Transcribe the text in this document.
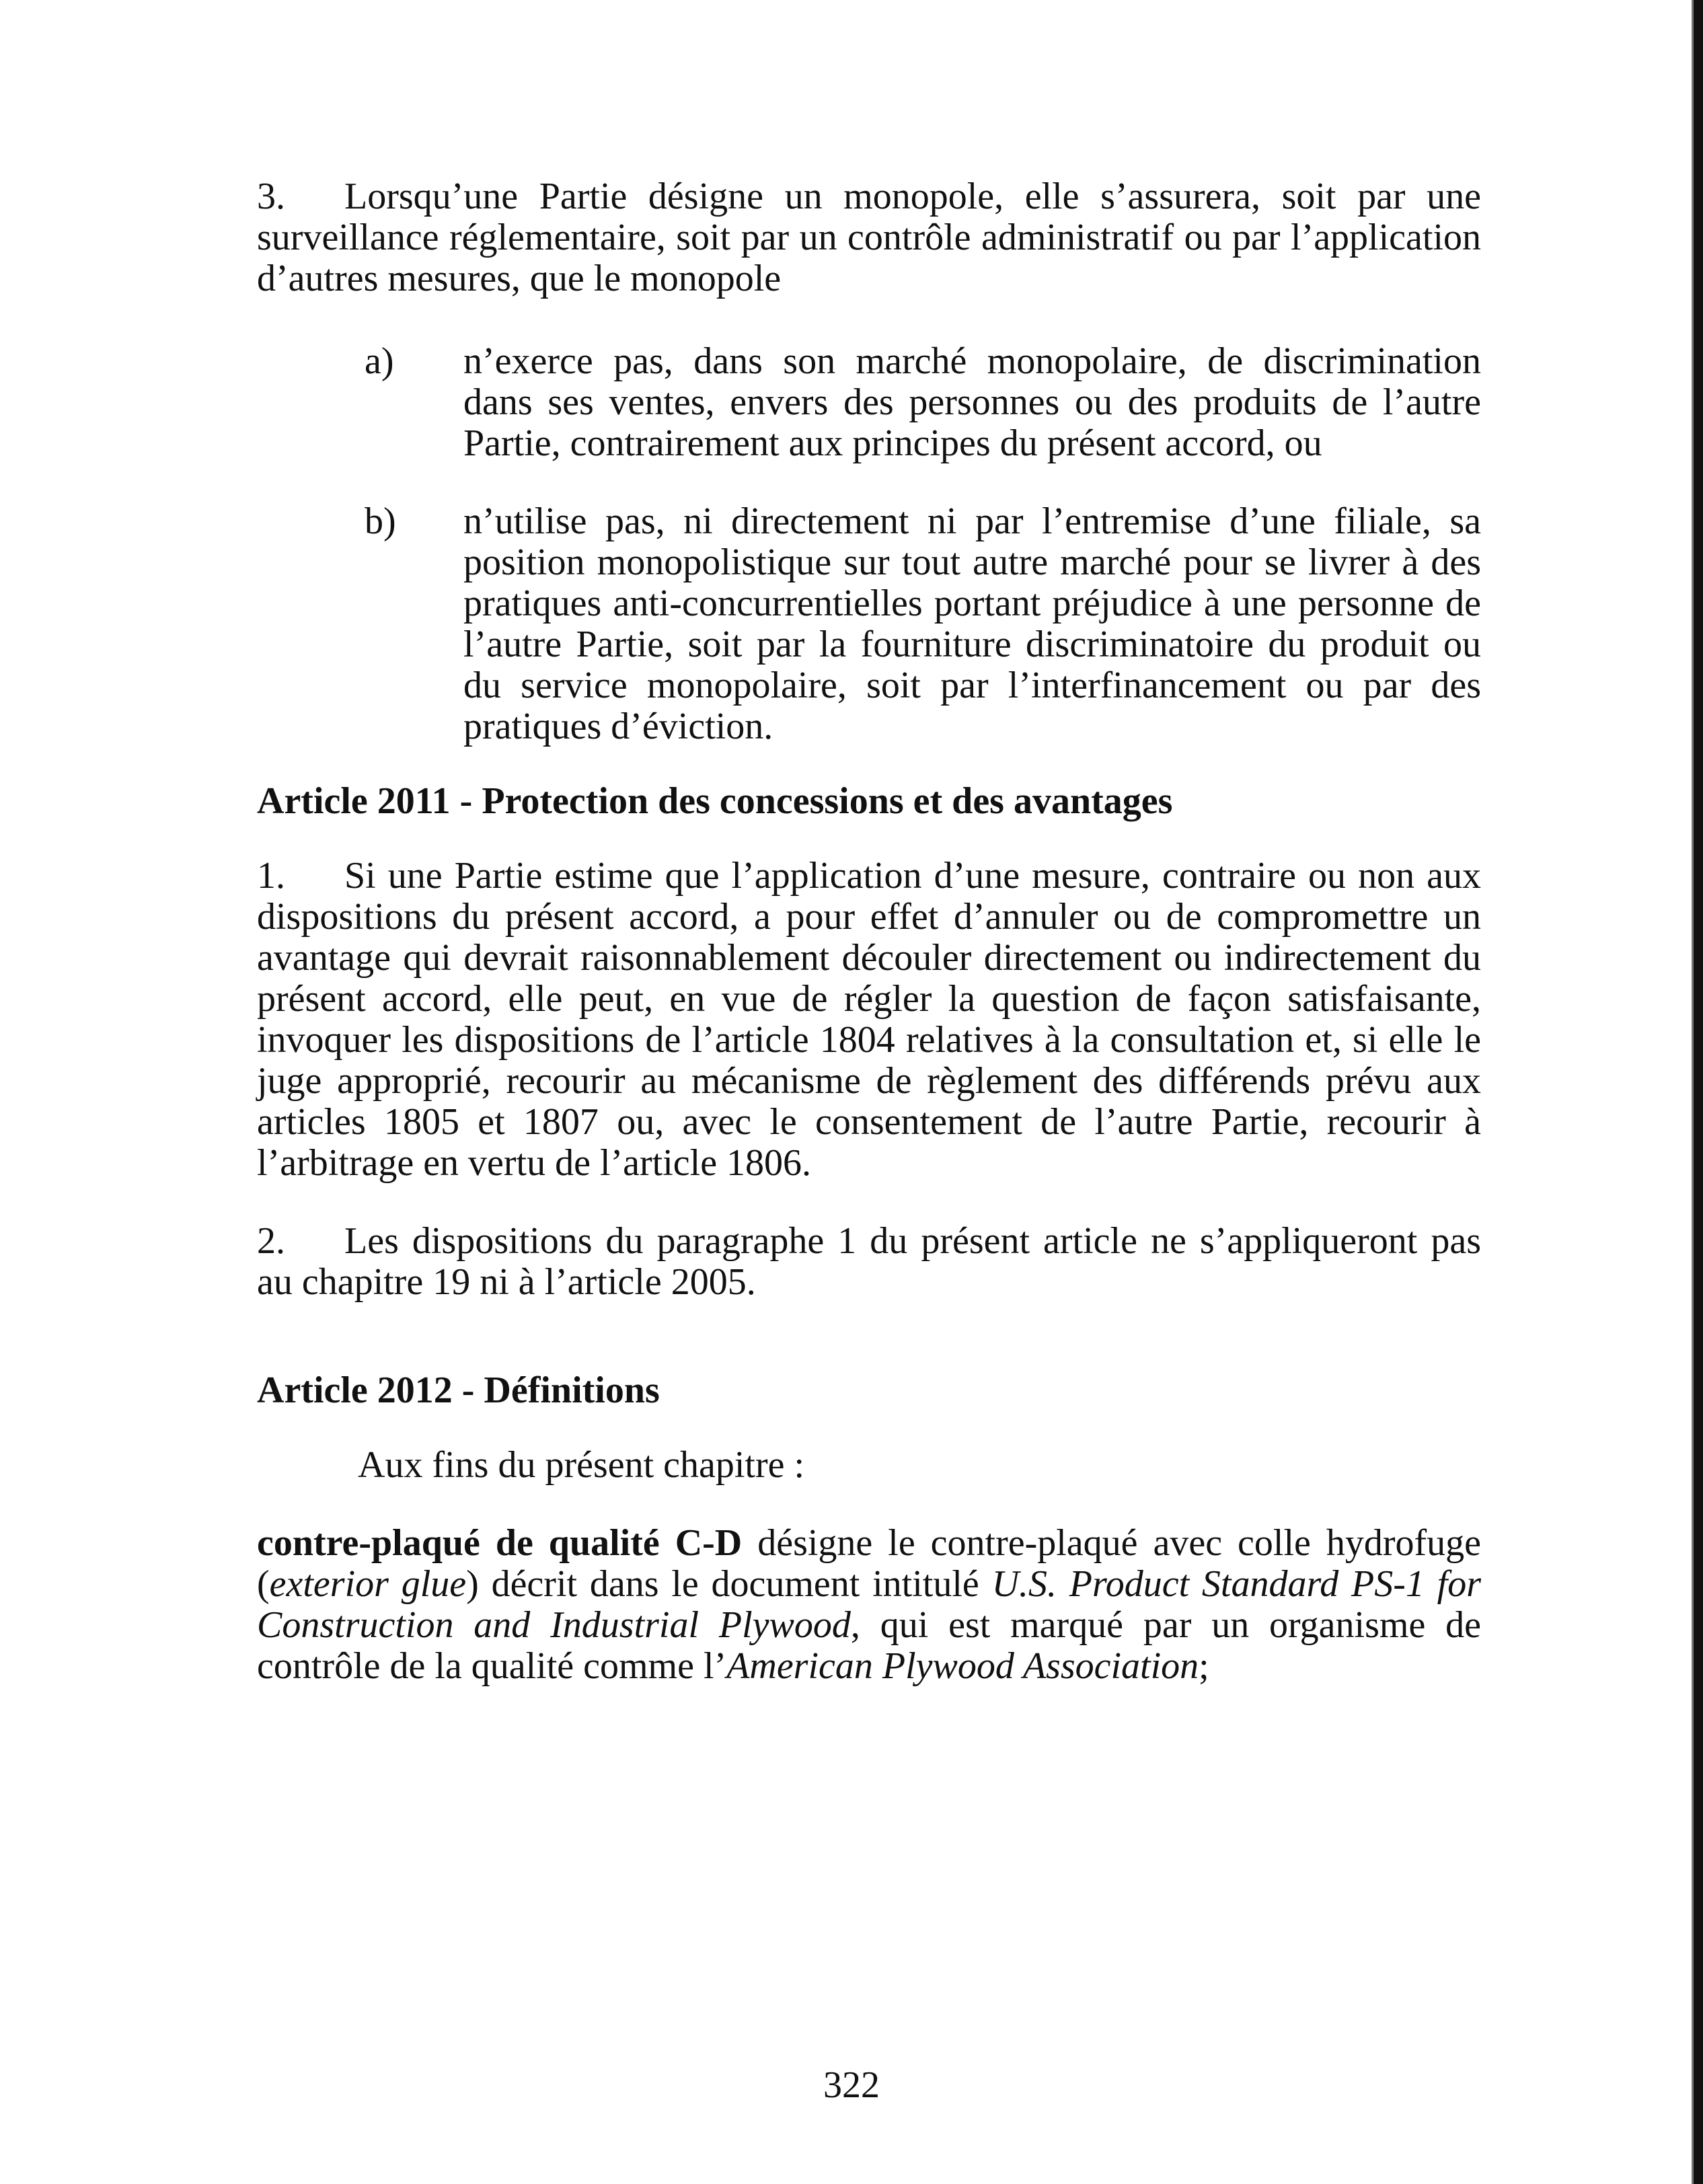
3. Lorsqu’une Partie désigne un monopole, elle s’assurera, soit par une surveillance réglementaire, soit par un contrôle administratif ou par l’application d’autres mesures, que le monopole

a)	n’exerce pas, dans son marché monopolaire, de discrimination dans ses ventes, envers des personnes ou des produits de l’autre Partie, contrairement aux principes du présent accord, ou

b)	n’utilise pas, ni directement ni par l’entremise d’une filiale, sa position monopolistique sur tout autre marché pour se livrer à des pratiques anti-concurrentielles portant préjudice à une personne de l’autre Partie, soit par la fourniture discriminatoire du produit ou du service monopolaire, soit par l’interfinancement ou par des pratiques d’éviction.

Article 2011 - Protection des concessions et des avantages

1. Si une Partie estime que l’application d’une mesure, contraire ou non aux dispositions du présent accord, a pour effet d’annuler ou de compromettre un avantage qui devrait raisonnablement découler directement ou indirectement du présent accord, elle peut, en vue de régler la question de façon satisfaisante, invoquer les dispositions de l’article 1804 relatives à la consultation et, si elle le juge approprié, recourir au mécanisme de règlement des différends prévu aux articles 1805 et 1807 ou, avec le consentement de l’autre Partie, recourir à l’arbitrage en vertu de l’article 1806.

2. Les dispositions du paragraphe 1 du présent article ne s’appliqueront pas au chapitre 19 ni à l’article 2005.

Article 2012 - Définitions

Aux fins du présent chapitre :

contre-plaqué de qualité C-D désigne le contre-plaqué avec colle hydrofuge (exterior glue) décrit dans le document intitulé U.S. Product Standard PS-1 for Construction and Industrial Plywood, qui est marqué par un organisme de contrôle de la qualité comme l’American Plywood Association;

322
